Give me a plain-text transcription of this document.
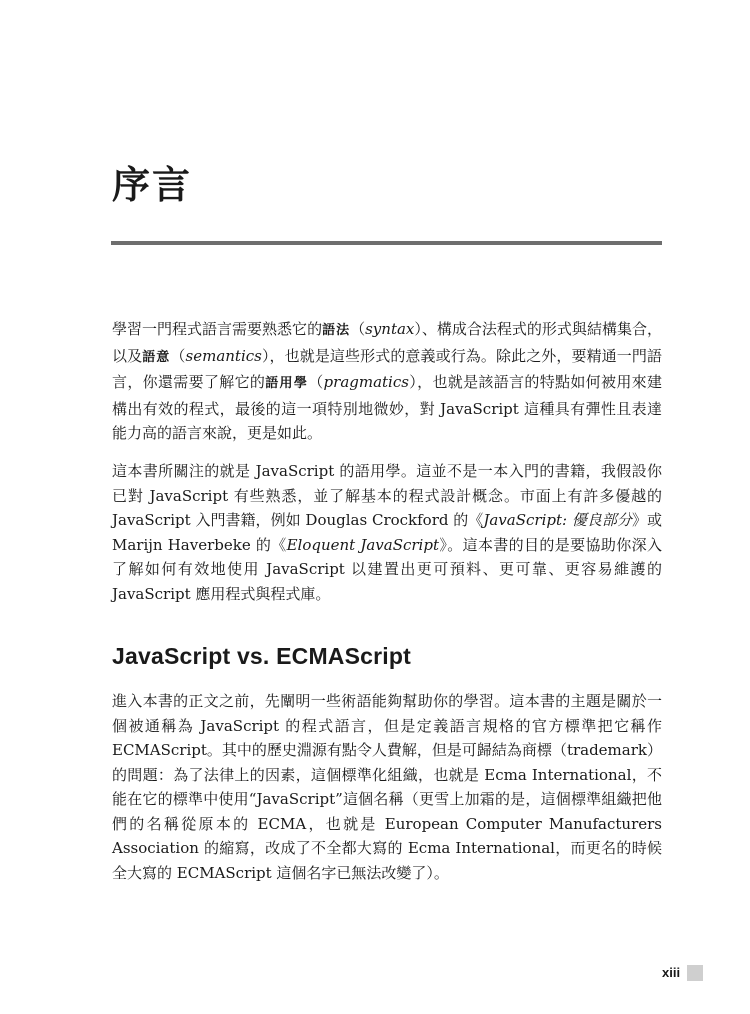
序言

學習一門程式語言需要熟悉它的語法（syntax）、構成合法程式的形式與結構集合，以及語意（semantics），也就是這些形式的意義或行為。除此之外，要精通一門語言，你還需要了解它的語用學（pragmatics），也就是該語言的特點如何被用來建構出有效的程式，最後的這一項特別地微妙，對 JavaScript 這種具有彈性且表達能力高的語言來說，更是如此。

這本書所關注的就是 JavaScript 的語用學。這並不是一本入門的書籍，我假設你已對 JavaScript 有些熟悉，並了解基本的程式設計概念。市面上有許多優越的 JavaScript 入門書籍，例如 Douglas Crockford 的《JavaScript: 優良部分》或 Marijn Haverbeke 的《Eloquent JavaScript》。這本書的目的是要協助你深入了解如何有效地使用 JavaScript 以建置出更可預料、更可靠、更容易維護的 JavaScript 應用程式與程式庫。

JavaScript vs. ECMAScript

進入本書的正文之前，先闡明一些術語能夠幫助你的學習。這本書的主題是關於一個被通稱為 JavaScript 的程式語言，但是定義語言規格的官方標準把它稱作 ECMAScript。其中的歷史淵源有點令人費解，但是可歸結為商標（trademark）的問題：為了法律上的因素，這個標準化組織，也就是 Ecma International，不能在它的標準中使用“JavaScript”這個名稱（更雪上加霜的是，這個標準組織把他們的名稱從原本的 ECMA，也就是 European Computer Manufacturers Association 的縮寫，改成了不全都大寫的 Ecma International，而更名的時候全大寫的 ECMAScript 這個名字已無法改變了）。

xiii
